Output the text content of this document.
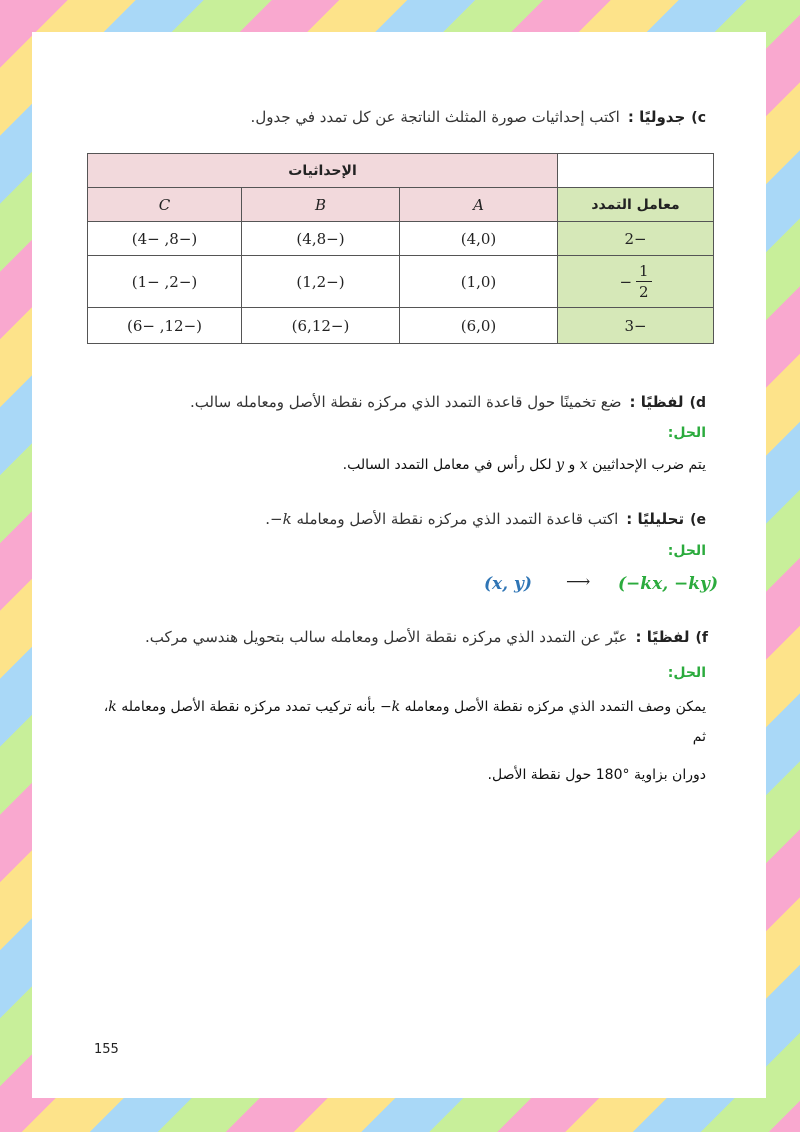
c)جدوليًا :اكتب إحداثيات صورة المثلث الناتجة عن كل تمدد في جدول.
	الإحداثيات		
معامل التمدد	A	B	C
−2	(4,0)	(−4,8)	(−8, −4)

− $\frac{1}{2}$	(1,0)	(−1,2)	(−2, −1)
−3	(6,0)	(−6,12)	(−12, −6)
d)لفظيًا :ضع تخمينًا حول قاعدة التمدد الذي مركزه نقطة الأصل ومعامله سالب.
الحل:
يتم ضرب الإحداثيين x و y لكل رأس في معامل التمدد السالب.
e)تحليليًا :اكتب قاعدة التمدد الذي مركزه نقطة الأصل ومعامله k−.
الحل:
(x, y) ⟶ (−kx, −ky)
f)لفظيًا :عبّر عن التمدد الذي مركزه نقطة الأصل ومعامله سالب بتحويل هندسي مركب.
الحل:
يمكن وصف التمدد الذي مركزه نقطة الأصل ومعامله k− بأنه تركيب تمدد مركزه نقطة الأصل ومعامله k، ثم
دوران بزاوية 180° حول نقطة الأصل.
155
